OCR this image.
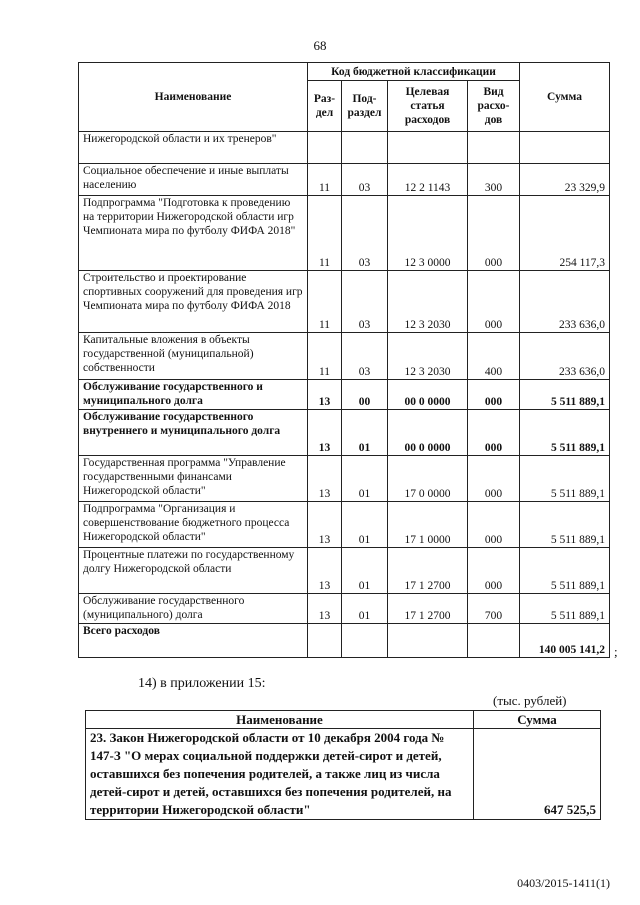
68
Наименование	Код бюджетной классификации				Сумма
	Раз-дел	Под-раздел	Целевая статья расходов	Вид расхо-дов	
Нижегородской области и их тренеров"					
Социальное обеспечение и иные выплаты населению	11	03	12 2 1143	300	23 329,9
Подпрограмма "Подготовка к проведению на территории Нижегородской области игр Чемпионата мира по футболу ФИФА 2018"	11	03	12 3 0000	000	254 117,3
Строительство и проектирование спортивных сооружений для проведения игр Чемпионата мира по футболу ФИФА 2018	11	03	12 3 2030	000	233 636,0
Капитальные вложения в объекты государственной (муниципальной) собственности	11	03	12 3 2030	400	233 636,0
Обслуживание государственного и муниципального долга	13	00	00 0 0000	000	5 511 889,1
Обслуживание государственного внутреннего и муниципального долга	13	01	00 0 0000	000	5 511 889,1
Государственная программа "Управление государственными финансами Нижегородской области"	13	01	17 0 0000	000	5 511 889,1
Подпрограмма "Организация и совершенствование бюджетного процесса Нижегородской области"	13	01	17 1 0000	000	5 511 889,1
Процентные платежи по государственному долгу Нижегородской области	13	01	17 1 2700	000	5 511 889,1
Обслуживание государственного (муниципального) долга	13	01	17 1 2700	700	5 511 889,1
Всего расходов					140 005 141,2 ;
14) в приложении 15:
(тыс. рублей)
Наименование	Сумма
23. Закон Нижегородской области от 10 декабря 2004 года № 147-З "О мерах социальной поддержки детей-сирот и детей, оставшихся без попечения родителей, а также лиц из числа детей-сирот и детей, оставшихся без попечения родителей, на территории Нижегородской области"	647 525,5
0403/2015-1411(1)
